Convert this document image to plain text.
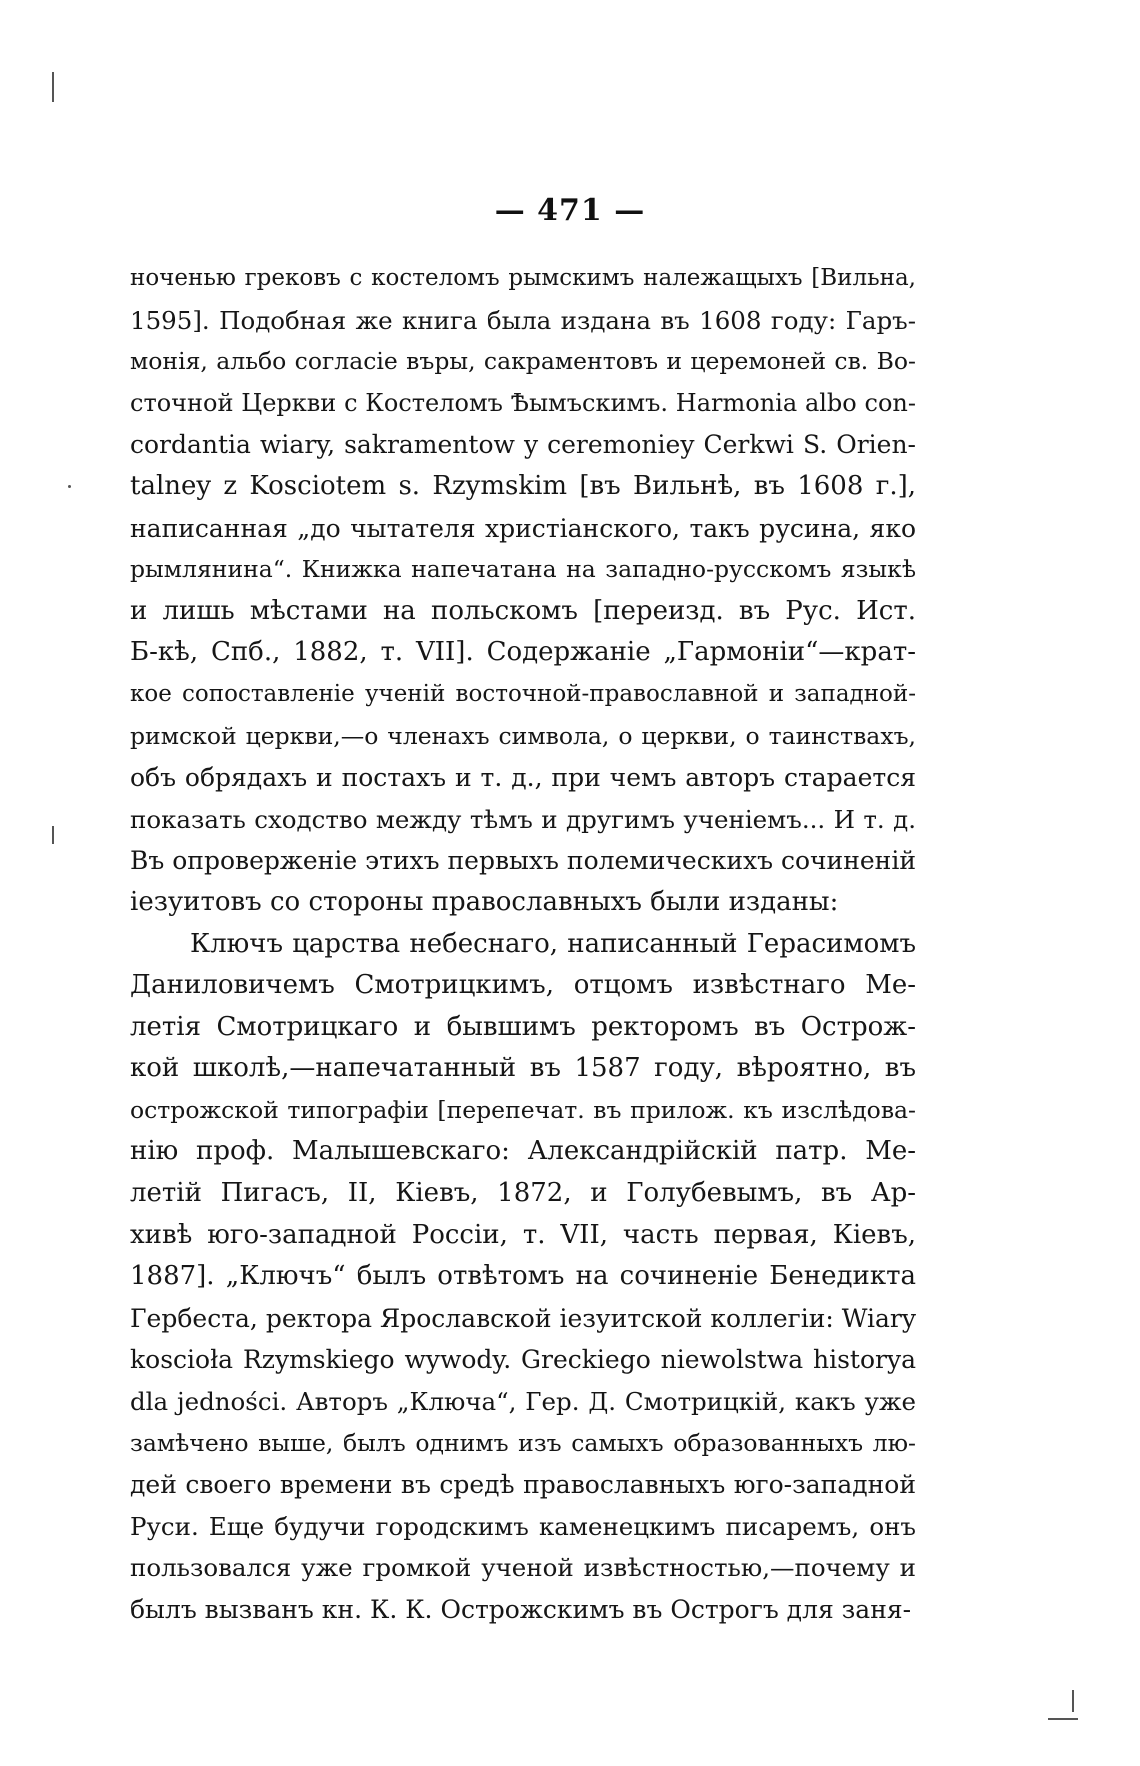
— 471 —
ноченью грековъ с костеломъ рымскимъ належащыхъ [Вильна,
1595]. Подобная же книга была издана въ 1608 году: Гаръ-
монiя, альбо согласiе въры, сакраментовъ и церемоней св. Во-
сточной Церкви с Костеломъ Ѣымъскимъ. Harmonia albo con-
cordantia wiary, sakramentow y ceremoniey Cerkwi S. Orien-
talney z Kosciotem s. Rzymskim [въ Вильнѣ, въ 1608 г.],
написанная „до чытателя христiанского, такъ русина, яко
рымлянина“. Книжка напечатана на западно-русскомъ языкѣ
и лишь мѣстами на польскомъ [переизд. въ Рус. Ист.
Б-кѣ, Спб., 1882, т. VII]. Содержанiе „Гармонiи“—крат-
кое сопоставленiе ученiй восточной-православной и западной-
римской церкви,—о членахъ символа, о церкви, о таинствахъ,
объ обрядахъ и постахъ и т. д., при чемъ авторъ старается
показать сходство между тѣмъ и другимъ ученiемъ... И т. д.
Въ опроверженiе этихъ первыхъ полемическихъ сочиненiй
iезуитовъ со стороны православныхъ были изданы:
Ключъ царства небеснаго, написанный Герасимомъ
Даниловичемъ Смотрицкимъ, отцомъ извѣстнаго Ме-
летiя Смотрицкаго и бывшимъ ректоромъ въ Острож-
кой школѣ,—напечатанный въ 1587 году, вѣроятно, въ
острожской типографiи [перепечат. въ прилож. къ изслѣдова-
нiю проф. Малышевскаго: Александрiйскiй патр. Ме-
летiй Пигасъ, II, Кiевъ, 1872, и Голубевымъ, въ Ар-
хивѣ юго-западной Россiи, т. VII, часть первая, Кiевъ,
1887]. „Ключъ“ былъ отвѣтомъ на сочиненiе Бенедикта
Гербеста, ректора Ярославской iезуитской коллегiи: Wiary
kosciołа Rzymskiego wywody. Greckiego niewolstwa historya
dla jedności. Авторъ „Ключа“, Гер. Д. Смотрицкiй, какъ уже
замѣчено выше, былъ однимъ изъ самыхъ образованныхъ лю-
дей своего времени въ средѣ православныхъ юго-западной
Руси. Еще будучи городскимъ каменецкимъ писаремъ, онъ
пользовался уже громкой ученой извѣстностью,—почему и
былъ вызванъ кн. К. К. Острожскимъ въ Острогъ для заня-
